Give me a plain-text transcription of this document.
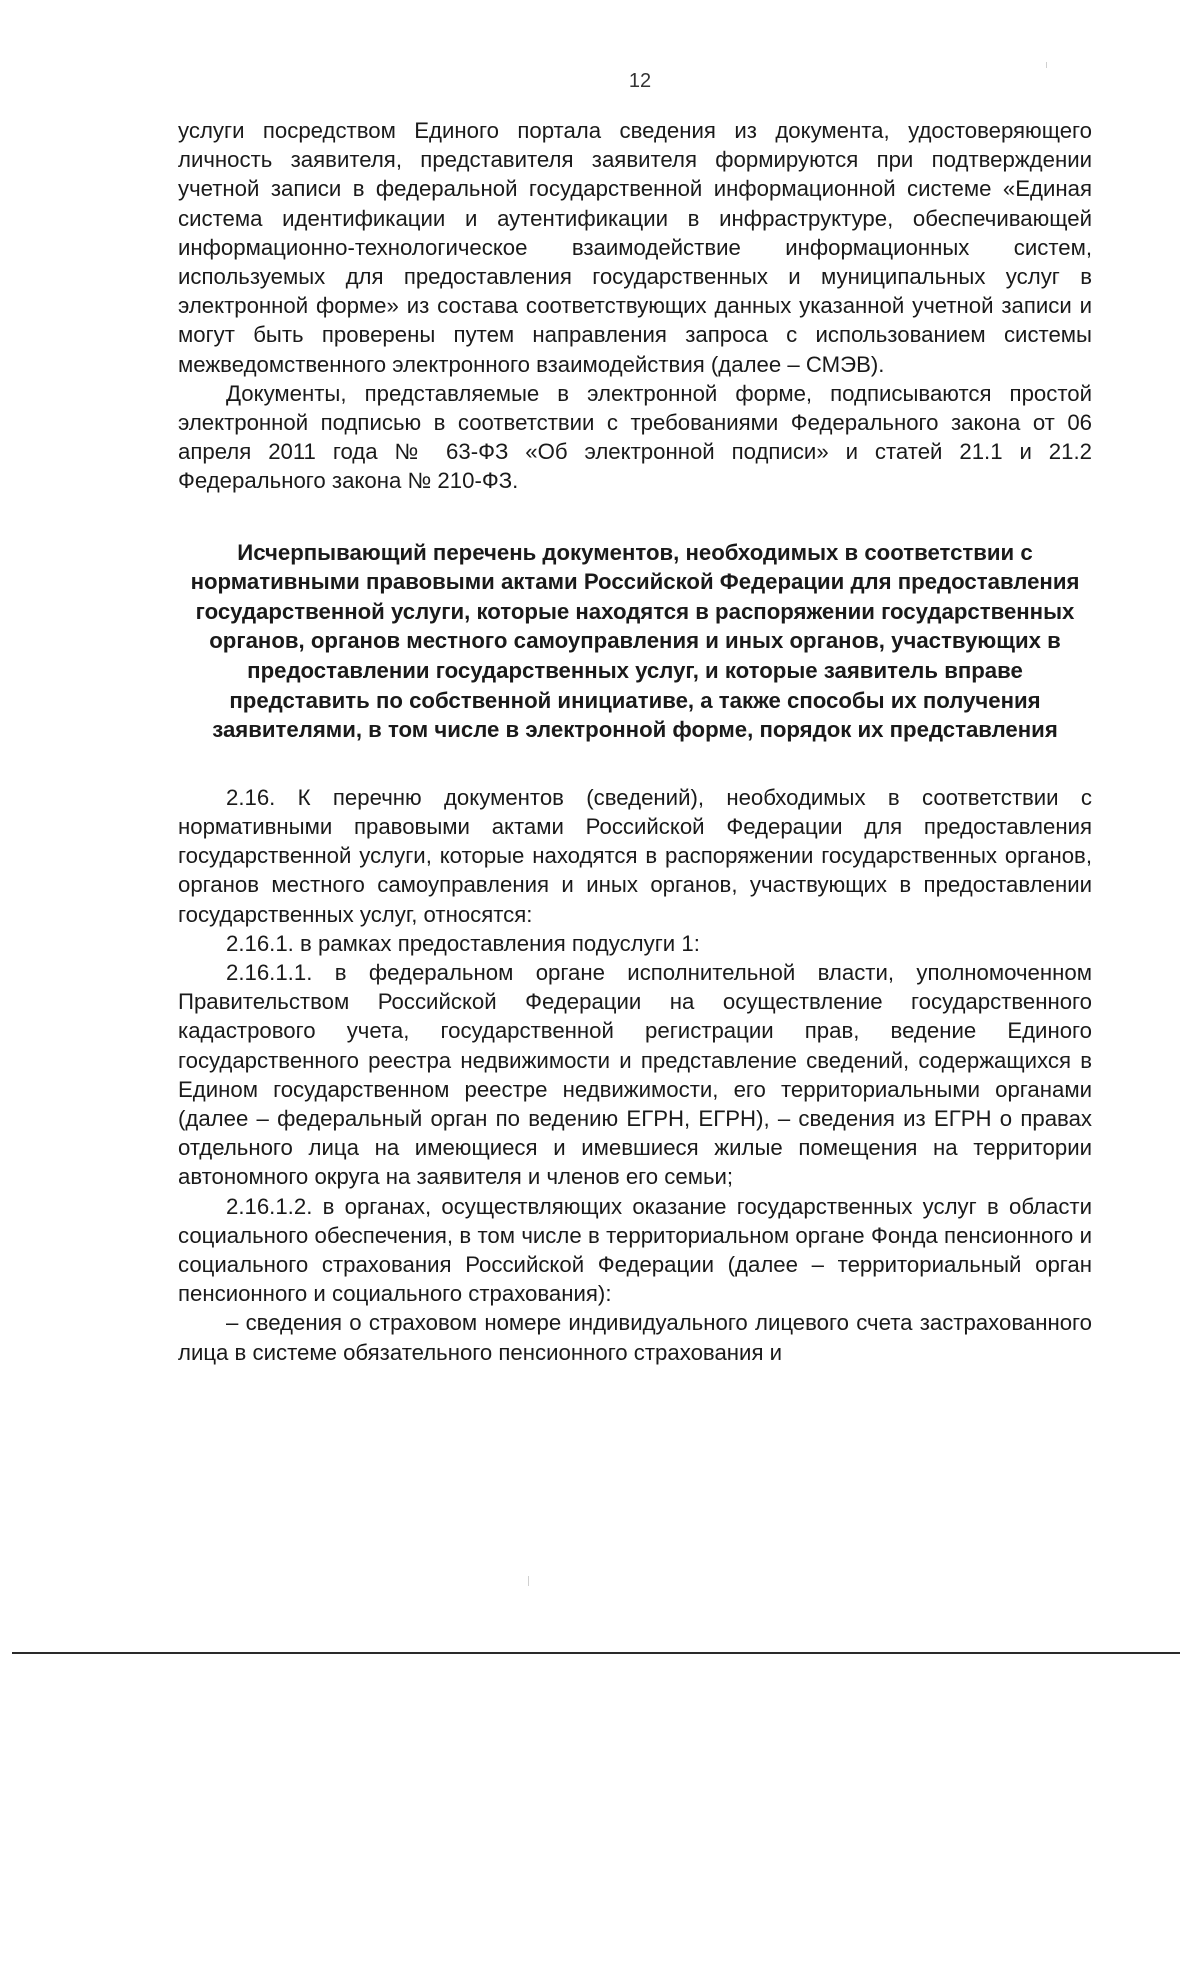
12

услуги посредством Единого портала сведения из документа, удостоверяющего личность заявителя, представителя заявителя формируются при подтверждении учетной записи в федеральной государственной информационной системе «Единая система идентификации и аутентификации в инфраструктуре, обеспечивающей информационно-технологическое взаимодействие информационных систем, используемых для предоставления государственных и муниципальных услуг в электронной форме» из состава соответствующих данных указанной учетной записи и могут быть проверены путем направления запроса с использованием системы межведомственного электронного взаимодействия (далее – СМЭВ).

Документы, представляемые в электронной форме, подписываются простой электронной подписью в соответствии с требованиями Федерального закона от 06 апреля 2011 года № 63-ФЗ «Об электронной подписи» и статей 21.1 и 21.2 Федерального закона № 210-ФЗ.

Исчерпывающий перечень документов, необходимых в соответствии с нормативными правовыми актами Российской Федерации для предоставления государственной услуги, которые находятся в распоряжении государственных органов, органов местного самоуправления и иных органов, участвующих в предоставлении государственных услуг, и которые заявитель вправе представить по собственной инициативе, а также способы их получения заявителями, в том числе в электронной форме, порядок их представления

2.16. К перечню документов (сведений), необходимых в соответствии с нормативными правовыми актами Российской Федерации для предоставления государственной услуги, которые находятся в распоряжении государственных органов, органов местного самоуправления и иных органов, участвующих в предоставлении государственных услуг, относятся:

2.16.1. в рамках предоставления подуслуги 1:

2.16.1.1. в федеральном органе исполнительной власти, уполномоченном Правительством Российской Федерации на осуществление государственного кадастрового учета, государственной регистрации прав, ведение Единого государственного реестра недвижимости и представление сведений, содержащихся в Едином государственном реестре недвижимости, его территориальными органами (далее – федеральный орган по ведению ЕГРН, ЕГРН), – сведения из ЕГРН о правах отдельного лица на имеющиеся и имевшиеся жилые помещения на территории автономного округа на заявителя и членов его семьи;

2.16.1.2. в органах, осуществляющих оказание государственных услуг в области социального обеспечения, в том числе в территориальном органе Фонда пенсионного и социального страхования Российской Федерации (далее – территориальный орган пенсионного и социального страхования):

– сведения о страховом номере индивидуального лицевого счета застрахованного лица в системе обязательного пенсионного страхования и
